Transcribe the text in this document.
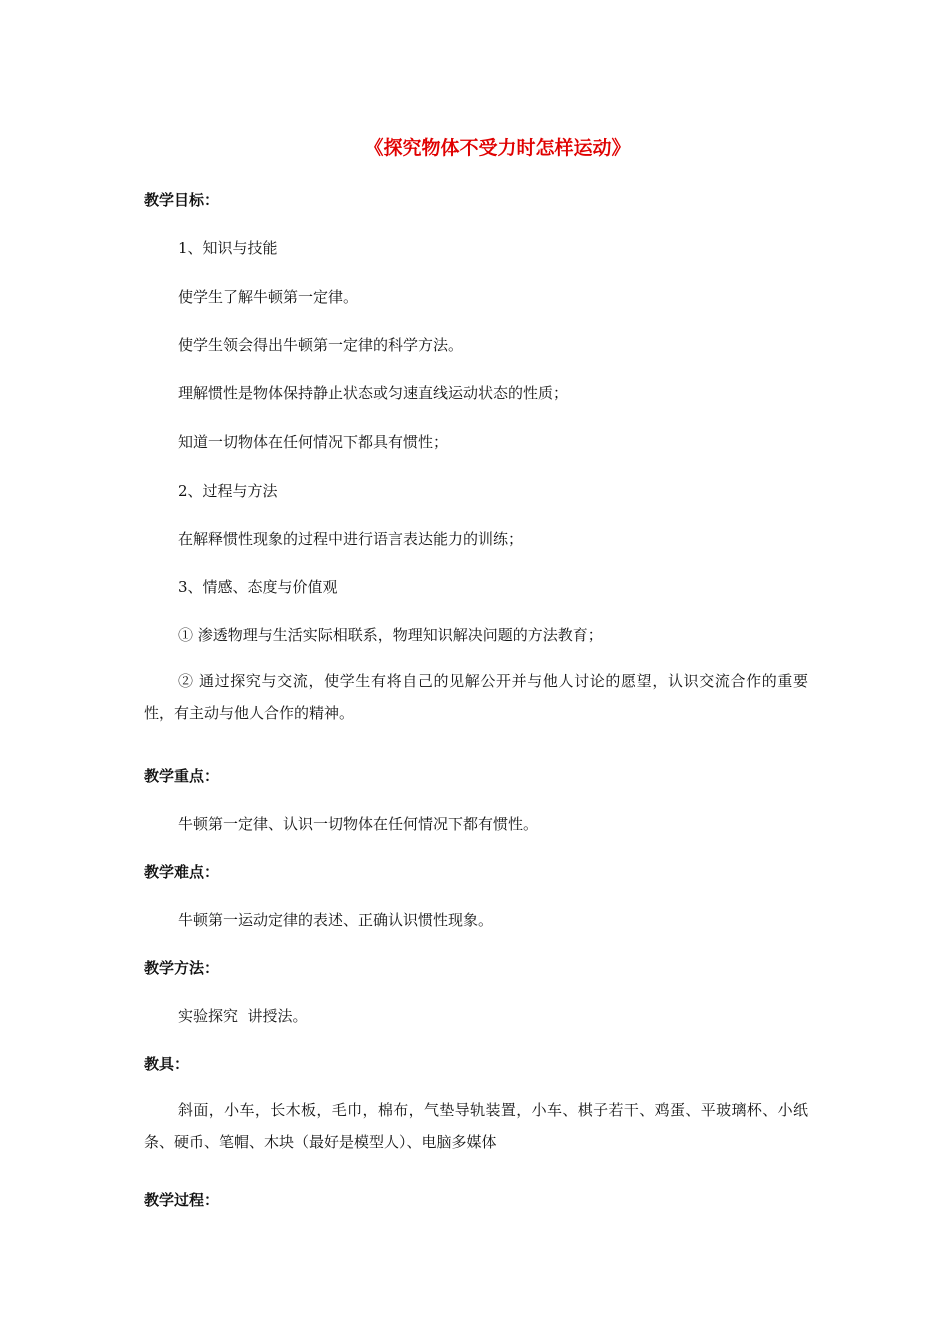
《探究物体不受力时怎样运动》

教学目标：

1、知识与技能

使学生了解牛顿第一定律。

使学生领会得出牛顿第一定律的科学方法。

理解惯性是物体保持静止状态或匀速直线运动状态的性质；

知道一切物体在任何情况下都具有惯性；

2、过程与方法

在解释惯性现象的过程中进行语言表达能力的训练；

3、情感、态度与价值观

① 渗透物理与生活实际相联系，物理知识解决问题的方法教育；

② 通过探究与交流，使学生有将自己的见解公开并与他人讨论的愿望，认识交流合作的重要性，有主动与他人合作的精神。

教学重点：

牛顿第一定律、认识一切物体在任何情况下都有惯性。

教学难点：

牛顿第一运动定律的表述、正确认识惯性现象。

教学方法：

实验探究  讲授法。

教具：

斜面，小车，长木板，毛巾，棉布，气垫导轨装置，小车、棋子若干、鸡蛋、平玻璃杯、小纸条、硬币、笔帽、木块（最好是模型人）、电脑多媒体

教学过程：
